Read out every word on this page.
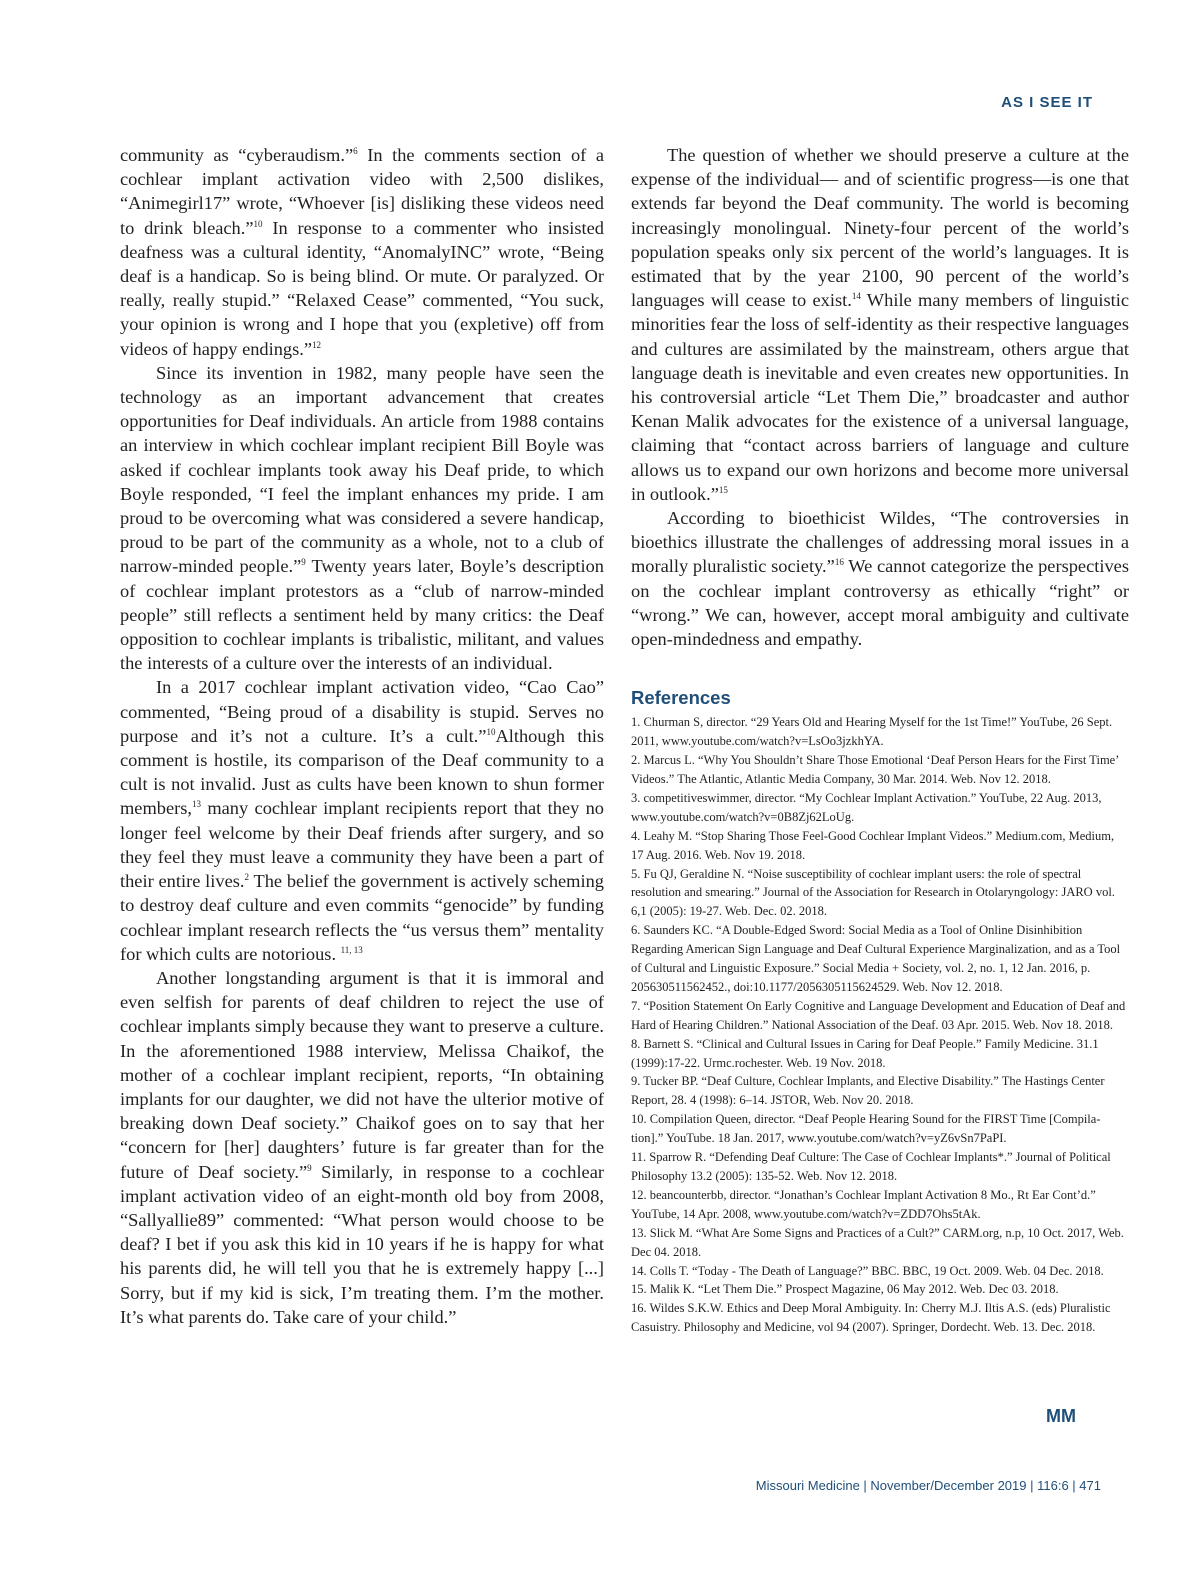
AS I SEE IT

community as “cyberaudism.”$^6$ In the comments section of a cochlear implant activation video with 2,500 dislikes, “Animegirl17” wrote, “Whoever [is] disliking these videos need to drink bleach.”$^{10}$ In response to a commenter who insisted deafness was a cultural identity, “AnomalyINC” wrote, “Being deaf is a handicap. So is being blind. Or mute. Or paralyzed. Or really, really stupid.” “Relaxed Cease” commented, “You suck, your opinion is wrong and I hope that you (expletive) off from videos of happy endings.”$^{12}$

Since its invention in 1982, many people have seen the technology as an important advancement that creates opportunities for Deaf individuals. An article from 1988 contains an interview in which cochlear implant recipient Bill Boyle was asked if cochlear implants took away his Deaf pride, to which Boyle responded, “I feel the implant enhances my pride. I am proud to be overcoming what was considered a severe handicap, proud to be part of the community as a whole, not to a club of narrow-minded people.”$^9$ Twenty years later, Boyle’s description of cochlear implant protestors as a “club of narrow-minded people” still reflects a sentiment held by many critics: the Deaf opposition to cochlear implants is tribalistic, militant, and values the interests of a culture over the interests of an individual.

In a 2017 cochlear implant activation video, “Cao Cao” commented, “Being proud of a disability is stupid. Serves no purpose and it’s not a culture. It’s a cult.”$^{10}$Although this comment is hostile, its comparison of the Deaf community to a cult is not invalid. Just as cults have been known to shun former members,$^{13}$ many cochlear implant recipients report that they no longer feel welcome by their Deaf friends after surgery, and so they feel they must leave a community they have been a part of their entire lives.$^2$ The belief the government is actively scheming to destroy deaf culture and even commits “genocide” by funding cochlear implant research reflects the “us versus them” mentality for which cults are notorious. $^{11, 13}$

Another longstanding argument is that it is immoral and even selfish for parents of deaf children to reject the use of cochlear implants simply because they want to preserve a culture. In the aforementioned 1988 interview, Melissa Chaikof, the mother of a cochlear implant recipient, reports, “In obtaining implants for our daughter, we did not have the ulterior motive of breaking down Deaf society.” Chaikof goes on to say that her “concern for [her] daughters’ future is far greater than for the future of Deaf society.”$^9$ Similarly, in response to a cochlear implant activation video of an eight-month old boy from 2008, “Sallyallie89” commented: “What person would choose to be deaf? I bet if you ask this kid in 10 years if he is happy for what his parents did, he will tell you that he is extremely happy [...] Sorry, but if my kid is sick, I’m treating them. I’m the mother. It’s what parents do. Take care of your child.”

The question of whether we should preserve a culture at the expense of the individual— and of scientific progress—is one that extends far beyond the Deaf community. The world is becoming increasingly monolingual. Ninety-four percent of the world’s population speaks only six percent of the world’s languages. It is estimated that by the year 2100, 90 percent of the world’s languages will cease to exist.$^{14}$ While many members of linguistic minorities fear the loss of self-identity as their respective languages and cultures are assimilated by the mainstream, others argue that language death is inevitable and even creates new opportunities. In his controversial article “Let Them Die,” broadcaster and author Kenan Malik advocates for the existence of a universal language, claiming that “contact across barriers of language and culture allows us to expand our own horizons and become more universal in outlook.”$^{15}$

According to bioethicist Wildes, “The controversies in bioethics illustrate the challenges of addressing moral issues in a morally pluralistic society.”$^{16}$ We cannot categorize the perspectives on the cochlear implant controversy as ethically “right” or “wrong.” We can, however, accept moral ambiguity and cultivate open-mindedness and empathy.

References
1. Churman S, director. “29 Years Old and Hearing Myself for the 1st Time!” YouTube, 26 Sept. 2011, www.youtube.com/watch?v=LsOo3jzkhYA.
2. Marcus L. “Why You Shouldn’t Share Those Emotional ‘Deaf Person Hears for the First Time’ Videos.” The Atlantic, Atlantic Media Company, 30 Mar. 2014. Web. Nov 12. 2018.
3. competitiveswimmer, director. “My Cochlear Implant Activation.” YouTube, 22 Aug. 2013, www.youtube.com/watch?v=0B8Zj62LoUg.
4. Leahy M. “Stop Sharing Those Feel-Good Cochlear Implant Videos.” Medium.com, Medium, 17 Aug. 2016. Web. Nov 19. 2018.
5. Fu QJ, Geraldine N. “Noise susceptibility of cochlear implant users: the role of spectral resolution and smearing.” Journal of the Association for Research in Otolaryngology: JARO vol. 6,1 (2005): 19-27. Web. Dec. 02. 2018.
6. Saunders KC. “A Double-Edged Sword: Social Media as a Tool of Online Disinhibition Regarding American Sign Language and Deaf Cultural Experience Marginalization, and as a Tool of Cultural and Linguistic Exposure.” Social Media + Society, vol. 2, no. 1, 12 Jan. 2016, p. 205630511562452., doi:10.1177/2056305115624529. Web. Nov 12. 2018.
7. “Position Statement On Early Cognitive and Language Development and Education of Deaf and Hard of Hearing Children.” National Association of the Deaf. 03 Apr. 2015. Web. Nov 18. 2018.
8. Barnett S. “Clinical and Cultural Issues in Caring for Deaf People.” Family Medicine. 31.1 (1999):17-22. Urmc.rochester. Web. 19 Nov. 2018.
9. Tucker BP. “Deaf Culture, Cochlear Implants, and Elective Disability.” The Hastings Center Report, 28. 4 (1998): 6–14. JSTOR, Web. Nov 20. 2018.
10. Compilation Queen, director. “Deaf People Hearing Sound for the FIRST Time [Compila- tion].” YouTube. 18 Jan. 2017, www.youtube.com/watch?v=yZ6vSn7PaPI.
11. Sparrow R. “Defending Deaf Culture: The Case of Cochlear Implants*.” Journal of Political Philosophy 13.2 (2005): 135-52. Web. Nov 12. 2018.
12. beancounterbb, director. “Jonathan’s Cochlear Implant Activation 8 Mo., Rt Ear Cont’d.” YouTube, 14 Apr. 2008, www.youtube.com/watch?v=ZDD7Ohs5tAk.
13. Slick M. “What Are Some Signs and Practices of a Cult?” CARM.org, n.p, 10 Oct. 2017, Web. Dec 04. 2018.
14. Colls T. “Today - The Death of Language?” BBC. BBC, 19 Oct. 2009. Web. 04 Dec. 2018.
15. Malik K. “Let Them Die.” Prospect Magazine, 06 May 2012. Web. Dec 03. 2018.
16. Wildes S.K.W. Ethics and Deep Moral Ambiguity. In: Cherry M.J. Iltis A.S. (eds) Pluralistic Casuistry. Philosophy and Medicine, vol 94 (2007). Springer, Dordecht. Web. 13. Dec. 2018.
MM

Missouri Medicine | November/December 2019 | 116:6 | 471
